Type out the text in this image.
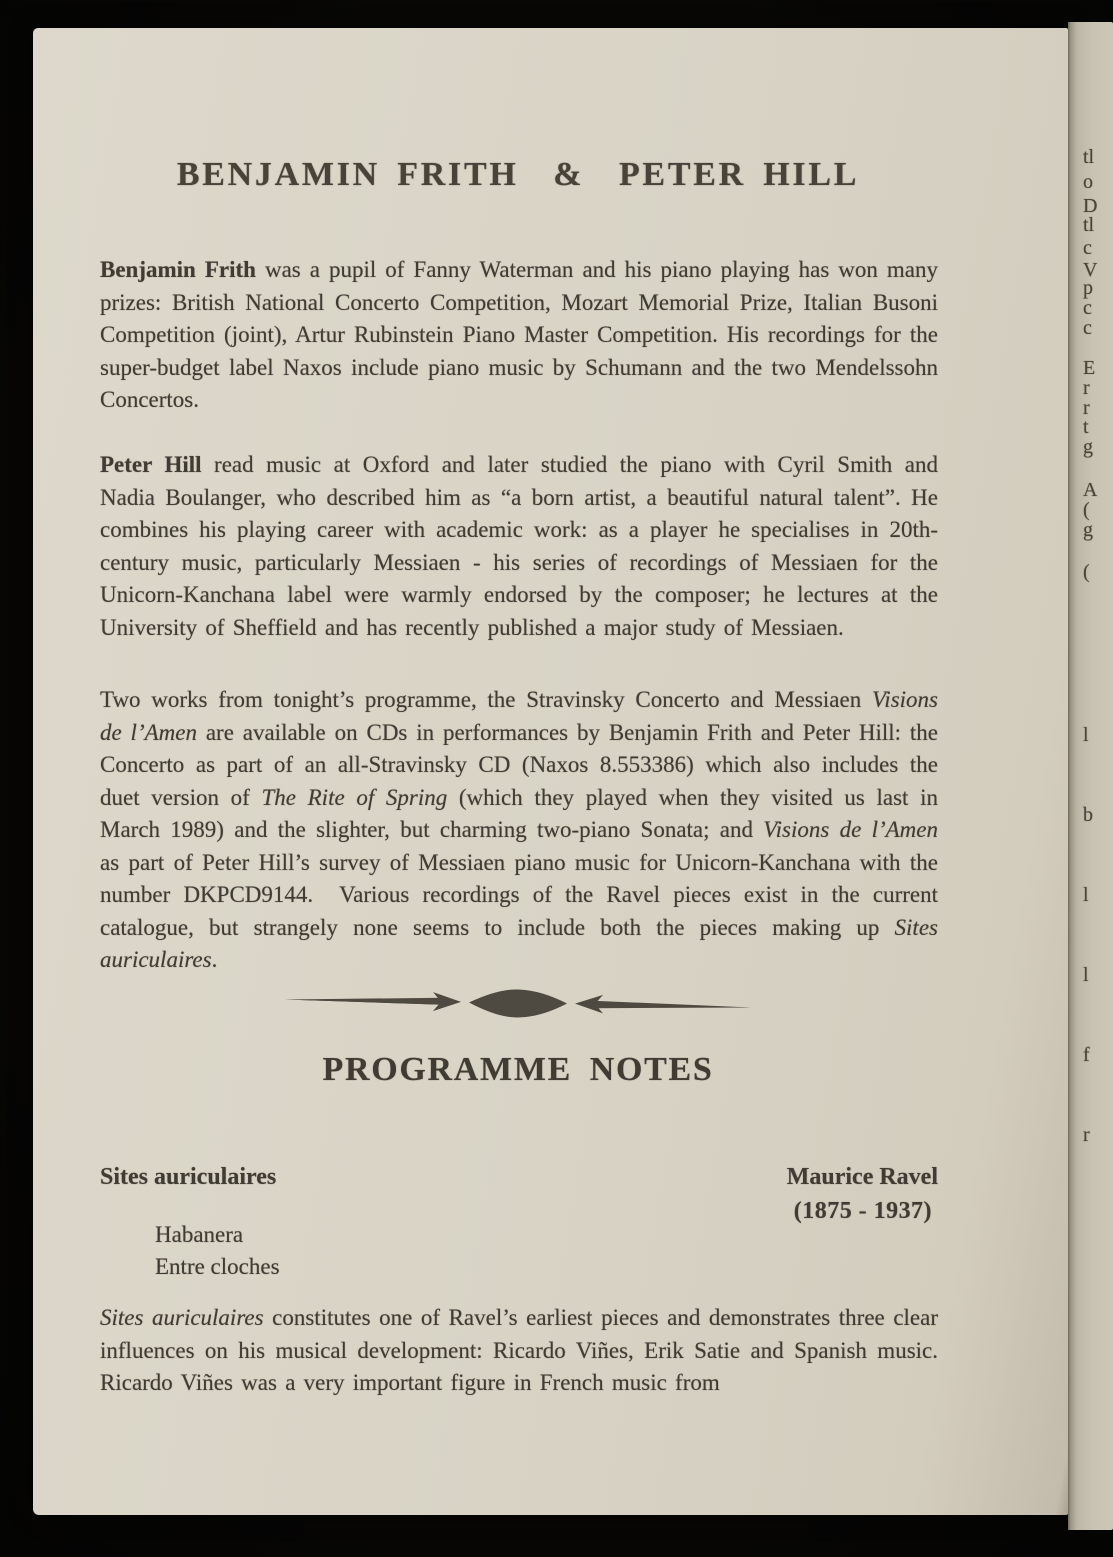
BENJAMIN FRITH  &  PETER HILL

Benjamin Frith was a pupil of Fanny Waterman and his piano playing has won many prizes: British National Concerto Competition, Mozart Memorial Prize, Italian Busoni Competition (joint), Artur Rubinstein Piano Master Competition. His recordings for the super-budget label Naxos include piano music by Schumann and the two Mendelssohn Concertos.

Peter Hill read music at Oxford and later studied the piano with Cyril Smith and Nadia Boulanger, who described him as “a born artist, a beautiful natural talent”. He combines his playing career with academic work: as a player he specialises in 20th-century music, particularly Messiaen - his series of recordings of Messiaen for the Unicorn-Kanchana label were warmly endorsed by the composer; he lectures at the University of Sheffield and has recently published a major study of Messiaen.

Two works from tonight’s programme, the Stravinsky Concerto and Messiaen Visions de l’Amen are available on CDs in performances by Benjamin Frith and Peter Hill: the Concerto as part of an all-Stravinsky CD (Naxos 8.553386) which also includes the duet version of The Rite of Spring (which they played when they visited us last in March 1989) and the slighter, but charming two-piano Sonata; and Visions de l’Amen as part of Peter Hill’s survey of Messiaen piano music for Unicorn-Kanchana with the number DKPCD9144.  Various recordings of the Ravel pieces exist in the current catalogue, but strangely none seems to include both the pieces making up Sites auriculaires.

PROGRAMME NOTES
Sites auriculaires	Maurice Ravel
(1875 - 1937)
Habanera
Entre cloches

Sites auriculaires constitutes one of Ravel’s earliest pieces and demonstrates three clear influences on his musical development: Ricardo Viñes, Erik Satie and Spanish music.  Ricardo Viñes was a very important figure in French music from

tl
o
D
tl
c
V
p
c
c
E
r
r
t
g
A
(
g
(
l
b
l
l
f
r
